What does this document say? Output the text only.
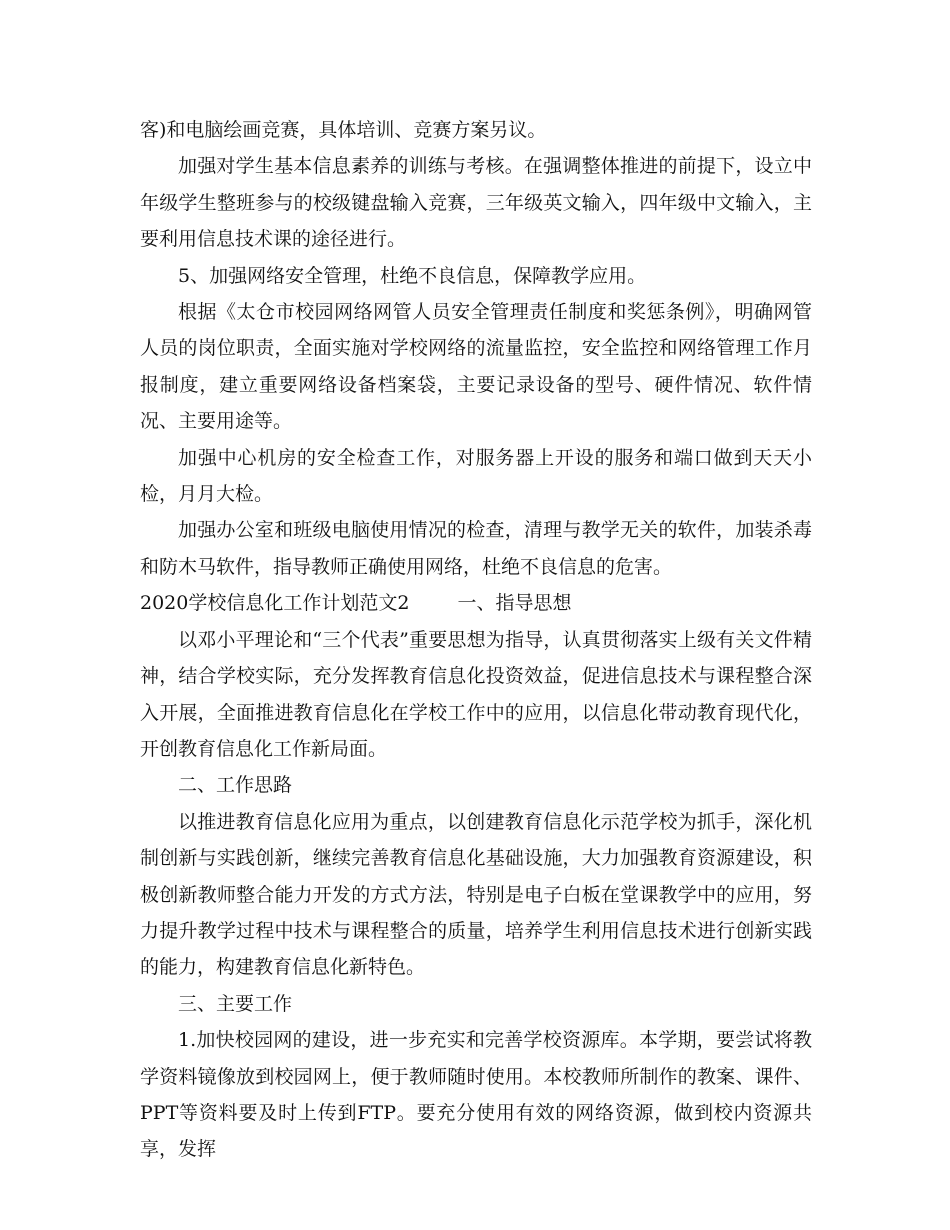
客)和电脑绘画竞赛，具体培训、竞赛方案另议。

加强对学生基本信息素养的训练与考核。在强调整体推进的前提下，设立中年级学生整班参与的校级键盘输入竞赛，三年级英文输入，四年级中文输入，主要利用信息技术课的途径进行。

5、加强网络安全管理，杜绝不良信息，保障教学应用。

根据《太仓市校园网络网管人员安全管理责任制度和奖惩条例》，明确网管人员的岗位职责，全面实施对学校网络的流量监控，安全监控和网络管理工作月报制度，建立重要网络设备档案袋，主要记录设备的型号、硬件情况、软件情况、主要用途等。

加强中心机房的安全检查工作，对服务器上开设的服务和端口做到天天小检，月月大检。

加强办公室和班级电脑使用情况的检查，清理与教学无关的软件，加装杀毒和防木马软件，指导教师正确使用网络，杜绝不良信息的危害。

2020学校信息化工作计划范文2	一、指导思想

以邓小平理论和“三个代表”重要思想为指导，认真贯彻落实上级有关文件精神，结合学校实际，充分发挥教育信息化投资效益，促进信息技术与课程整合深入开展，全面推进教育信息化在学校工作中的应用，以信息化带动教育现代化，开创教育信息化工作新局面。

二、工作思路

以推进教育信息化应用为重点，以创建教育信息化示范学校为抓手，深化机制创新与实践创新，继续完善教育信息化基础设施，大力加强教育资源建设，积极创新教师整合能力开发的方式方法，特别是电子白板在堂课教学中的应用，努力提升教学过程中技术与课程整合的质量，培养学生利用信息技术进行创新实践的能力，构建教育信息化新特色。

三、主要工作

1.加快校园网的建设，进一步充实和完善学校资源库。本学期，要尝试将教学资料镜像放到校园网上，便于教师随时使用。本校教师所制作的教案、课件、PPT等资料要及时上传到FTP。要充分使用有效的网络资源，做到校内资源共享，发挥
